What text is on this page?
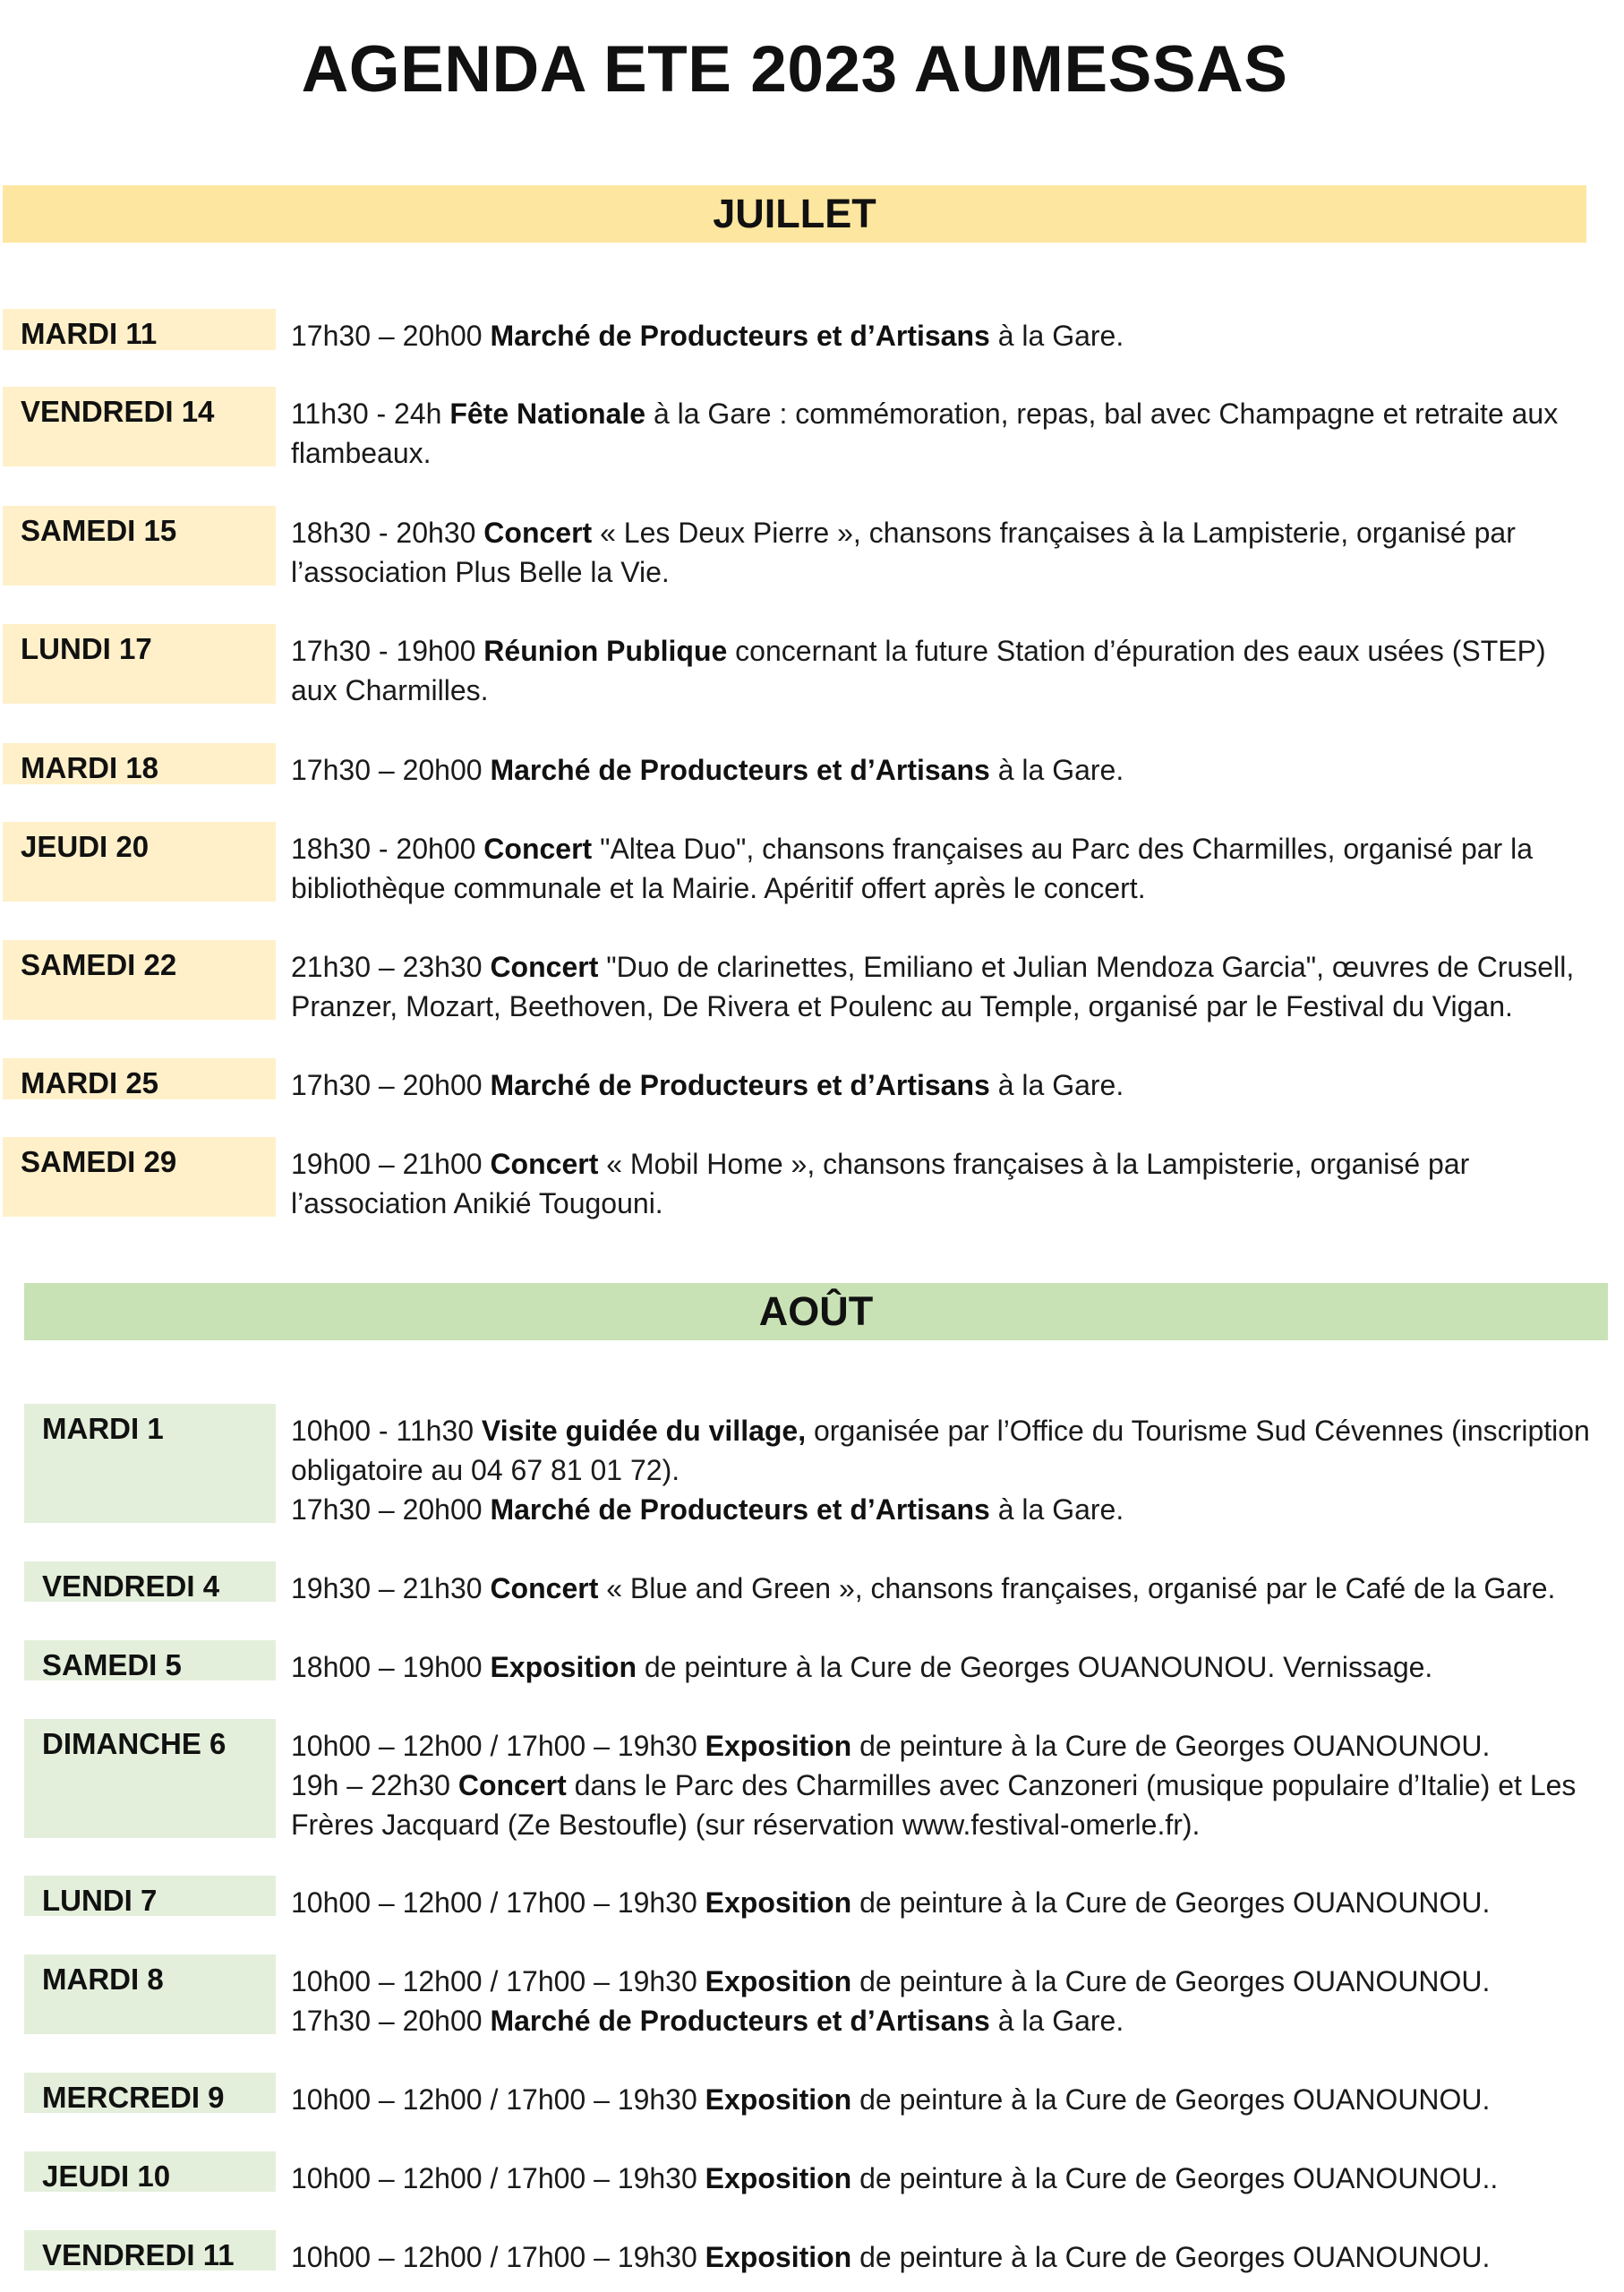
AGENDA ETE 2023 AUMESSAS
JUILLET
MARDI 11	17h30 – 20h00 Marché de Producteurs et d’Artisans à la Gare.
VENDREDI 14	11h30 - 24h Fête Nationale à la Gare : commémoration, repas, bal avec Champagne et retraite aux
flambeaux.
SAMEDI 15	18h30 - 20h30 Concert « Les Deux Pierre », chansons françaises à la Lampisterie, organisé par
l’association Plus Belle la Vie.
LUNDI 17	17h30 - 19h00 Réunion Publique concernant la future Station d’épuration des eaux usées (STEP)
aux Charmilles.
MARDI 18	17h30 – 20h00 Marché de Producteurs et d’Artisans à la Gare.
JEUDI 20	18h30 - 20h00 Concert "Altea Duo", chansons françaises au Parc des Charmilles, organisé par la
bibliothèque communale et la Mairie. Apéritif offert après le concert.
SAMEDI 22	21h30 – 23h30 Concert "Duo de clarinettes, Emiliano et Julian Mendoza Garcia", œuvres de Crusell,
Pranzer, Mozart, Beethoven, De Rivera et Poulenc au Temple, organisé par le Festival du Vigan.
MARDI 25	17h30 – 20h00 Marché de Producteurs et d’Artisans à la Gare.
SAMEDI 29	19h00 – 21h00 Concert « Mobil Home », chansons françaises à la Lampisterie, organisé par
l’association Anikié Tougouni.
AOÛT
MARDI 1	10h00 - 11h30 Visite guidée du village, organisée par l’Office du Tourisme Sud Cévennes (inscription
obligatoire au 04 67 81 01 72).
17h30 – 20h00 Marché de Producteurs et d’Artisans à la Gare.
VENDREDI 4	19h30 – 21h30 Concert « Blue and Green », chansons françaises, organisé par le Café de la Gare.
SAMEDI 5	18h00 – 19h00 Exposition de peinture à la Cure de Georges OUANOUNOU. Vernissage.
DIMANCHE 6	10h00 – 12h00 / 17h00 – 19h30 Exposition de peinture à la Cure de Georges OUANOUNOU.
19h – 22h30 Concert dans le Parc des Charmilles avec Canzoneri (musique populaire d’Italie) et Les
Frères Jacquard (Ze Bestoufle) (sur réservation www.festival-omerle.fr).
LUNDI 7	10h00 – 12h00 / 17h00 – 19h30 Exposition de peinture à la Cure de Georges OUANOUNOU.
MARDI 8	10h00 – 12h00 / 17h00 – 19h30 Exposition de peinture à la Cure de Georges OUANOUNOU.
17h30 – 20h00 Marché de Producteurs et d’Artisans à la Gare.
MERCREDI 9	10h00 – 12h00 / 17h00 – 19h30 Exposition de peinture à la Cure de Georges OUANOUNOU.
JEUDI 10	10h00 – 12h00 / 17h00 – 19h30 Exposition de peinture à la Cure de Georges OUANOUNOU..
VENDREDI 11	10h00 – 12h00 / 17h00 – 19h30 Exposition de peinture à la Cure de Georges OUANOUNOU.
